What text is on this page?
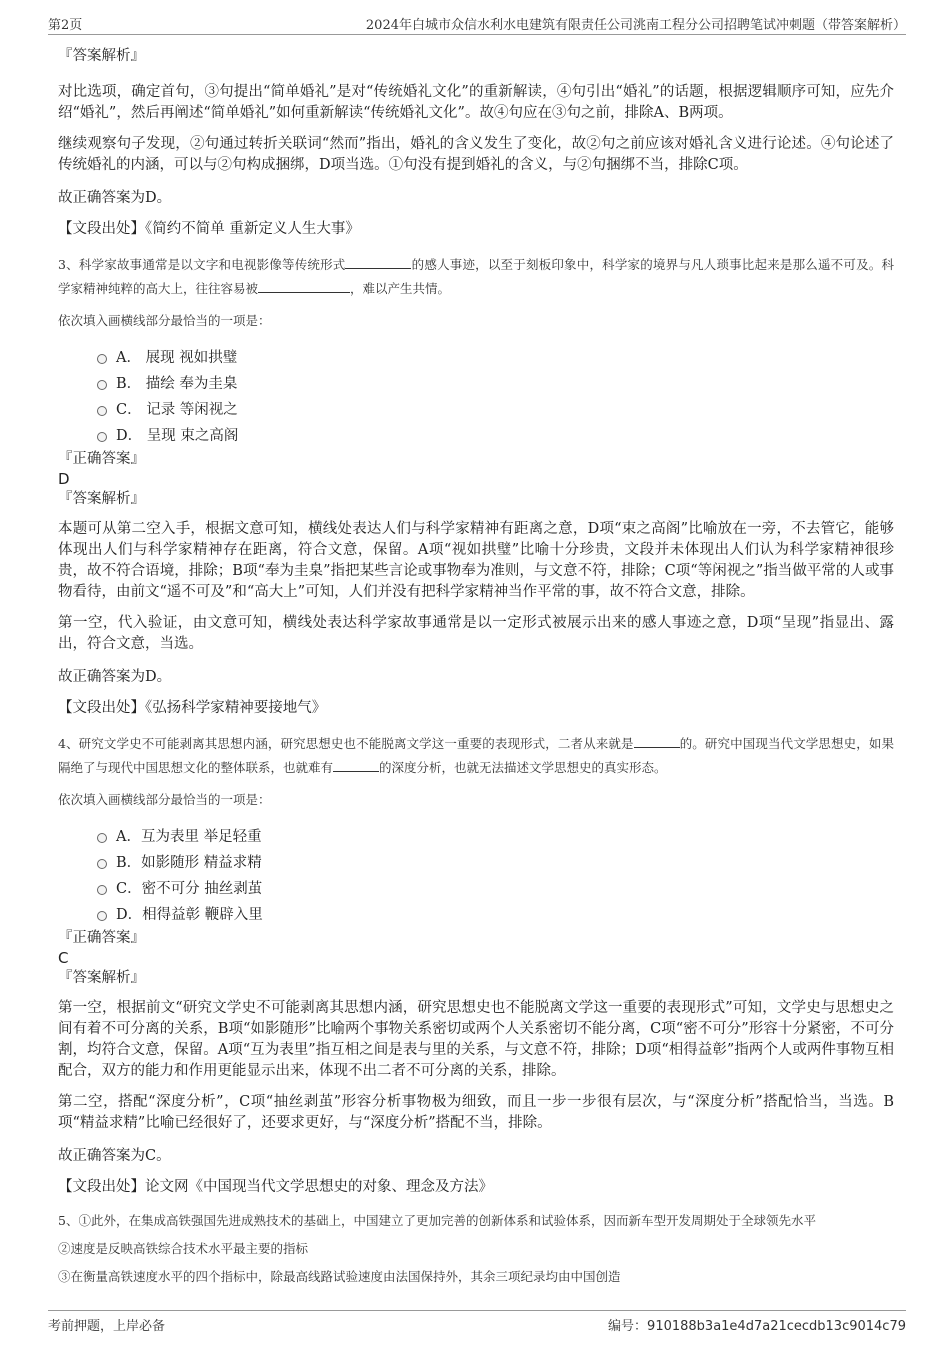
第2页	2024年白城市众信水利水电建筑有限责任公司洮南工程分公司招聘笔试冲刺题（带答案解析）

『答案解析』

对比选项，确定首句，③句提出“简单婚礼”是对“传统婚礼文化”的重新解读，④句引出“婚礼”的话题，根据逻辑顺序可知，应先介绍“婚礼”，然后再阐述“简单婚礼”如何重新解读“传统婚礼文化”。故④句应在③句之前，排除A、B两项。

继续观察句子发现，②句通过转折关联词“然而”指出，婚礼的含义发生了变化，故②句之前应该对婚礼含义进行论述。④句论述了传统婚礼的内涵，可以与②句构成捆绑，D项当选。①句没有提到婚礼的含义，与②句捆绑不当，排除C项。

故正确答案为D。

【文段出处】《简约不简单 重新定义人生大事》

3、科学家故事通常是以文字和电视影像等传统形式	的感人事迹，以至于刻板印象中，科学家的境界与凡人琐事比起来是那么遥不可及。科学家精神纯粹的高大上，往往容易被	，难以产生共情。

依次填入画横线部分最恰当的一项是：

A． 展现 视如拱璧
B． 描绘 奉为圭臬
C． 记录 等闲视之
D． 呈现 束之高阁

『正确答案』

D

『答案解析』

本题可从第二空入手，根据文意可知，横线处表达人们与科学家精神有距离之意，D项“束之高阁”比喻放在一旁，不去管它，能够体现出人们与科学家精神存在距离，符合文意，保留。A项“视如拱璧”比喻十分珍贵，文段并未体现出人们认为科学家精神很珍贵，故不符合语境，排除；B项“奉为圭臬”指把某些言论或事物奉为准则，与文意不符，排除；C项“等闲视之”指当做平常的人或事物看待，由前文“遥不可及”和“高大上”可知，人们并没有把科学家精神当作平常的事，故不符合文意，排除。

第一空，代入验证，由文意可知，横线处表达科学家故事通常是以一定形式被展示出来的感人事迹之意，D项“呈现”指显出、露出，符合文意，当选。

故正确答案为D。

【文段出处】《弘扬科学家精神要接地气》

4、研究文学史不可能剥离其思想内涵，研究思想史也不能脱离文学这一重要的表现形式，二者从来就是	的。研究中国现当代文学思想史，如果隔绝了与现代中国思想文化的整体联系，也就难有	的深度分析，也就无法描述文学思想史的真实形态。

依次填入画横线部分最恰当的一项是：

A．互为表里 举足轻重
B．如影随形 精益求精
C．密不可分 抽丝剥茧
D．相得益彰 鞭辟入里

『正确答案』

C

『答案解析』

第一空，根据前文“研究文学史不可能剥离其思想内涵，研究思想史也不能脱离文学这一重要的表现形式”可知，文学史与思想史之间有着不可分离的关系，B项“如影随形”比喻两个事物关系密切或两个人关系密切不能分离，C项“密不可分”形容十分紧密，不可分割，均符合文意，保留。A项“互为表里”指互相之间是表与里的关系，与文意不符，排除；D项“相得益彰”指两个人或两件事物互相配合，双方的能力和作用更能显示出来，体现不出二者不可分离的关系，排除。

第二空，搭配“深度分析”，C项“抽丝剥茧”形容分析事物极为细致，而且一步一步很有层次，与“深度分析”搭配恰当，当选。B项“精益求精”比喻已经很好了，还要求更好，与“深度分析”搭配不当，排除。

故正确答案为C。

【文段出处】论文网《中国现当代文学思想史的对象、理念及方法》

5、①此外，在集成高铁强国先进成熟技术的基础上，中国建立了更加完善的创新体系和试验体系，因而新车型开发周期处于全球领先水平

②速度是反映高铁综合技术水平最主要的指标

③在衡量高铁速度水平的四个指标中，除最高线路试验速度由法国保持外，其余三项纪录均由中国创造

考前押题，上岸必备	编号：910188b3a1e4d7a21cecdb13c9014c79
